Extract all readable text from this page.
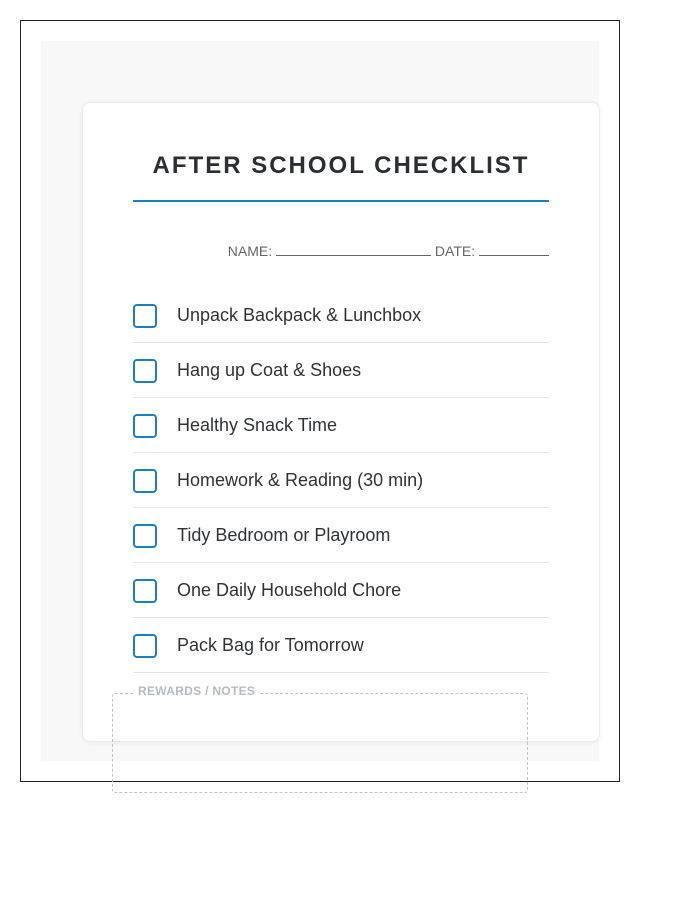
AFTER SCHOOL CHECKLIST
NAME:	DATE:
Unpack Backpack & Lunchbox
Hang up Coat & Shoes
Healthy Snack Time
Homework & Reading (30 min)
Tidy Bedroom or Playroom
One Daily Household Chore
Pack Bag for Tomorrow
REWARDS / NOTES
